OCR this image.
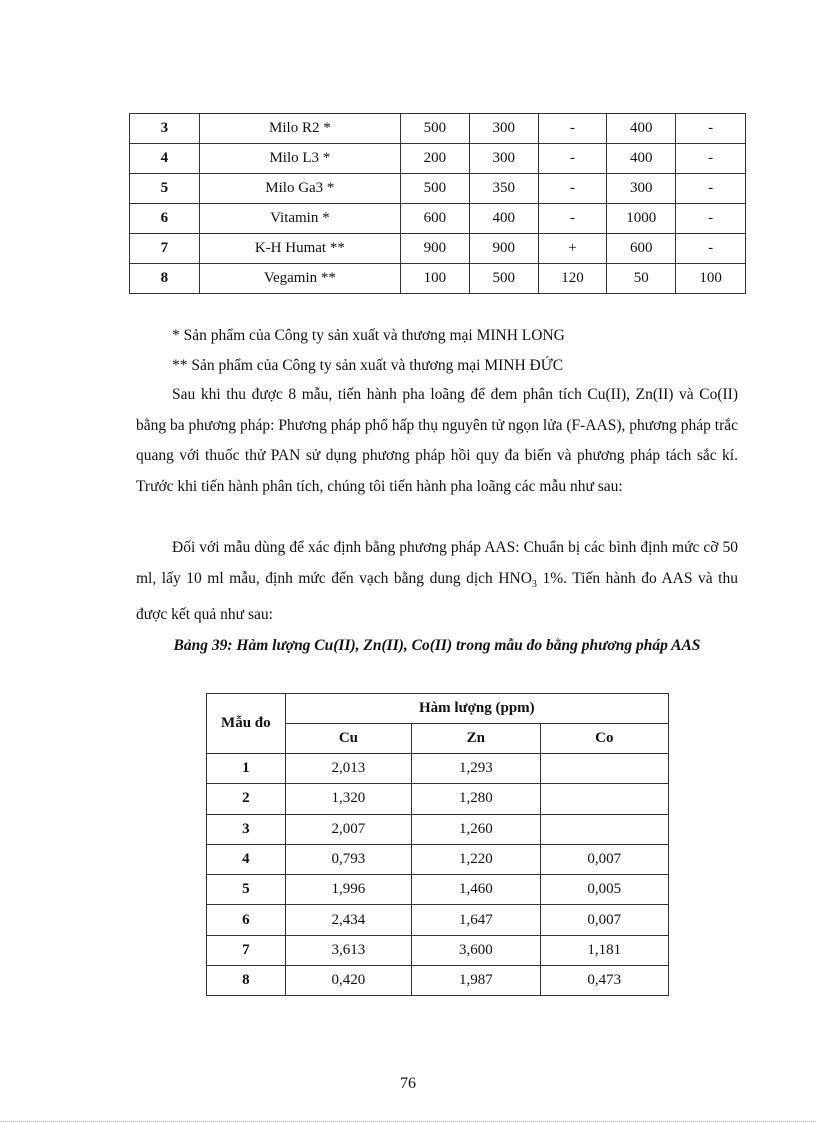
3	Milo R2 *	500	300	-	400	-
4	Milo L3 *	200	300	-	400	-
5	Milo Ga3 *	500	350	-	300	-
6	Vitamin *	600	400	-	1000	-
7	K-H Humat **	900	900	+	600	-
8	Vegamin **	100	500	120	50	100

* Sản phẩm của Công ty sản xuất và thương mại MINH LONG

** Sản phẩm của Công ty sản xuất và thương mại MINH ĐỨC

Sau khi thu được 8 mẫu, tiến hành pha loãng để đem phân tích Cu(II), Zn(II) và Co(II) bằng ba phương pháp: Phương pháp phổ hấp thụ nguyên tử ngọn lửa (F-AAS), phương pháp trắc quang với thuốc thử PAN sử dụng phương pháp hồi quy đa biến và phương pháp tách sắc kí. Trước khi tiến hành phân tích, chúng tôi tiến hành pha loãng các mẫu như sau:

Đối với mẫu dùng để xác định bằng phương pháp AAS: Chuẩn bị các bình định mức cỡ 50 ml, lấy 10 ml mẫu, định mức đến vạch bằng dung dịch $HNO_3$ 1%. Tiến hành đo AAS và thu được kết quả như sau:

Bảng 39: Hàm lượng Cu(II), Zn(II), Co(II) trong mẫu đo bằng phương pháp AAS

Mẫu đo	Hàm lượng (ppm)		
	Cu	Zn	Co
1	2,013	1,293	
2	1,320	1,280	
3	2,007	1,260	
4	0,793	1,220	0,007
5	1,996	1,460	0,005
6	2,434	1,647	0,007
7	3,613	3,600	1,181
8	0,420	1,987	0,473

76
